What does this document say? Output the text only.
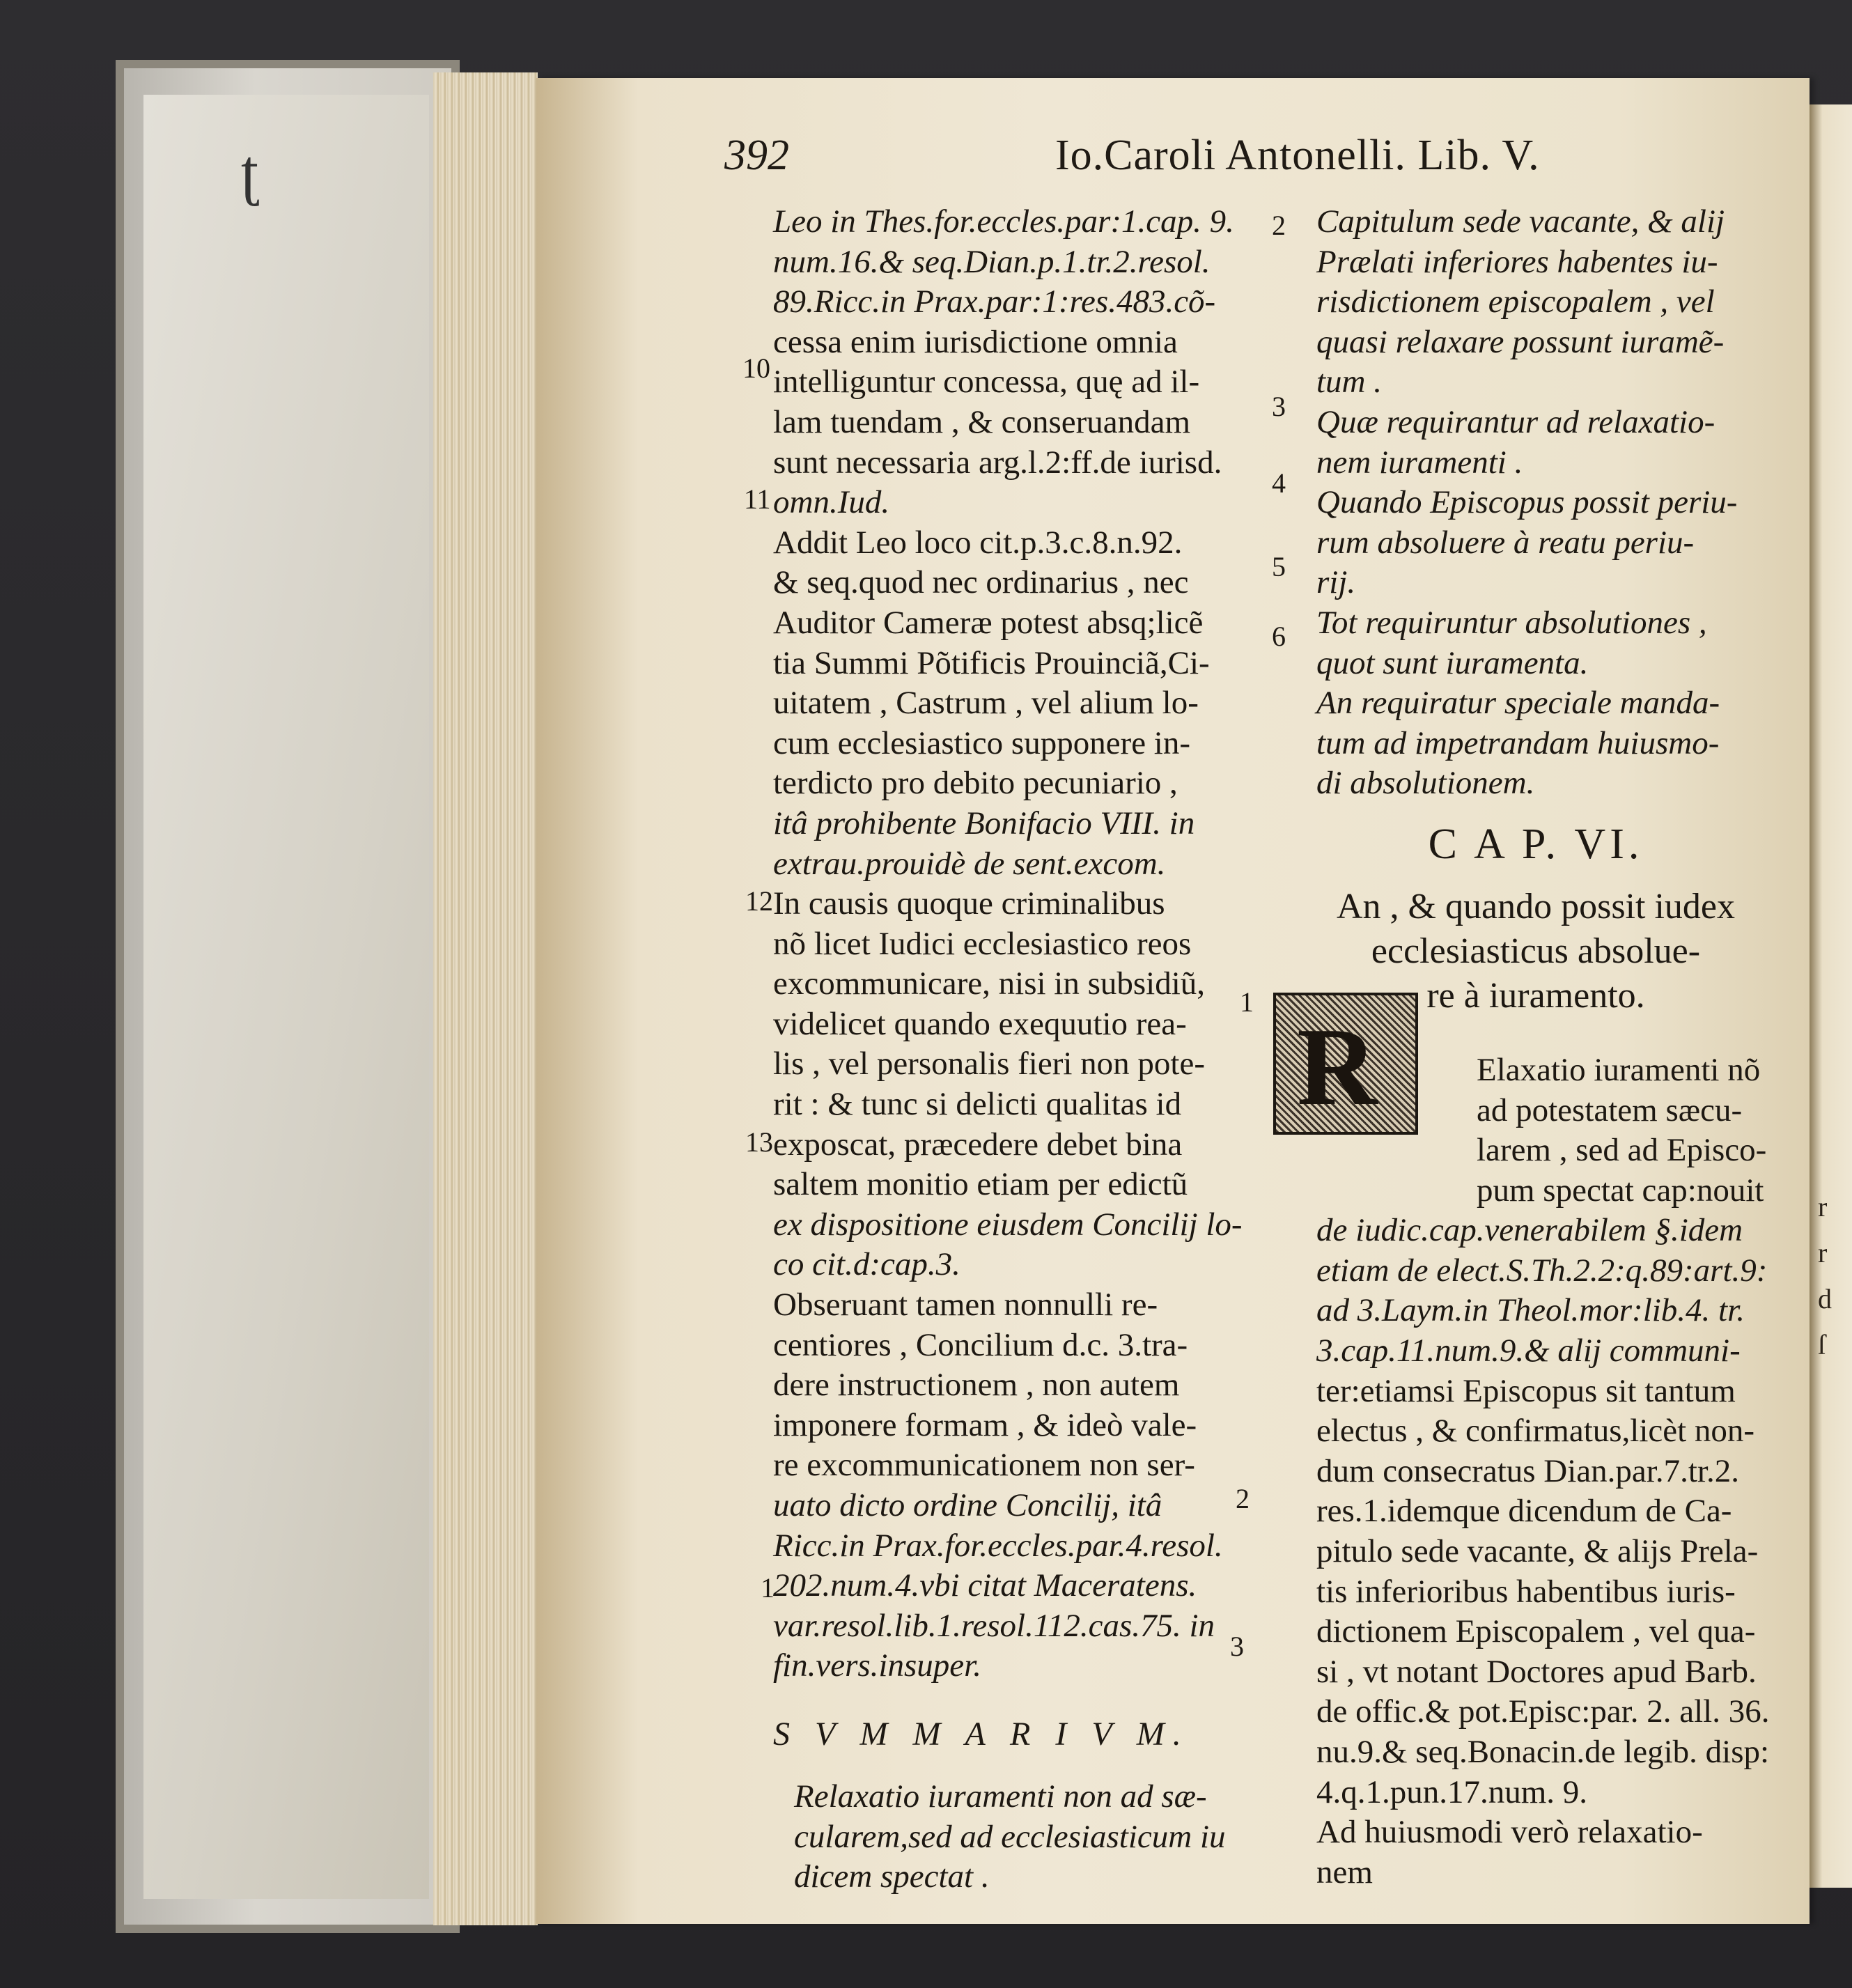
ʈ
r
r
d
ſ
392	Io.Caroli Antonelli. Lib. V.
10
11
12
13
1
Leo in Thes.for.eccles.par:1.cap. 9.
num.16.& seq.Dian.p.1.tr.2.resol.
89.Ricc.in Prax.par:1:res.483.cõ-
cessa enim iurisdictione omnia
intelliguntur concessa, quę ad il-
lam tuendam , & conseruandam
sunt necessaria arg.l.2:ff.de iurisd.
omn.Iud.
Addit Leo loco cit.p.3.c.8.n.92.
& seq.quod nec ordinarius , nec
Auditor Cameræ potest absq;licẽ
tia Summi Põtificis Prouinciã,Ci-
uitatem , Castrum , vel alium lo-
cum ecclesiastico supponere in-
terdicto pro debito pecuniario ,
itâ prohibente Bonifacio VIII. in
extrau.prouidè de sent.excom.
In causis quoque criminalibus
nõ licet Iudici ecclesiastico reos
excommunicare, nisi in subsidiũ,
videlicet quando exequutio rea-
lis , vel personalis fieri non pote-
rit : & tunc si delicti qualitas id
exposcat, præcedere debet bina
saltem monitio etiam per edictũ
ex dispositione eiusdem Concilij lo-
co cit.d:cap.3.
Obseruant tamen nonnulli re-
centiores , Concilium d.c. 3.tra-
dere instructionem , non autem
imponere formam , & ideò vale-
re excommunicationem non ser-
uato dicto ordine Concilij, itâ
Ricc.in Prax.for.eccles.par.4.resol.
202.num.4.vbi citat Maceratens.
var.resol.lib.1.resol.112.cas.75. in
fin.vers.insuper.
S V M M A R I V M.
Relaxatio iuramenti non ad sæ-
cularem,sed ad ecclesiasticum iu
dicem spectat .
2
3
4
5
6
Capitulum sede vacante, & alij
Prælati inferiores habentes iu-
risdictionem episcopalem , vel
quasi relaxare possunt iuramẽ-
tum .
Quæ requirantur ad relaxatio-
nem iuramenti .
Quando Episcopus possit periu-
rum absoluere à reatu periu-
rij.
Tot requiruntur absolutiones ,
quot sunt iuramenta.
An requiratur speciale manda-
tum ad impetrandam huiusmo-
di absolutionem.
C A P. VI.
An , & quando possit iudex
ecclesiasticus absolue-
re à iuramento.
Elaxatio iuramenti nõ
ad potestatem sæcu-
larem , sed ad Episco-
pum spectat cap:nouit
de iudic.cap.venerabilem §.idem
etiam de elect.S.Th.2.2:q.89:art.9:
ad 3.Laym.in Theol.mor:lib.4. tr.
3.cap.11.num.9.& alij communi-
ter:etiamsi Episcopus sit tantum
electus , & confirmatus,licèt non-
dum consecratus Dian.par.7.tr.2.
res.1.idemque dicendum de Ca-
pitulo sede vacante, & alijs Prela-
tis inferioribus habentibus iuris-
dictionem Episcopalem , vel qua-
si , vt notant Doctores apud Barb.
de offic.& pot.Episc:par. 2. all. 36.
nu.9.& seq.Bonacin.de legib. disp:
4.q.1.pun.17.num. 9.
Ad huiusmodi verò relaxatio-
nem
R
1
2
3
